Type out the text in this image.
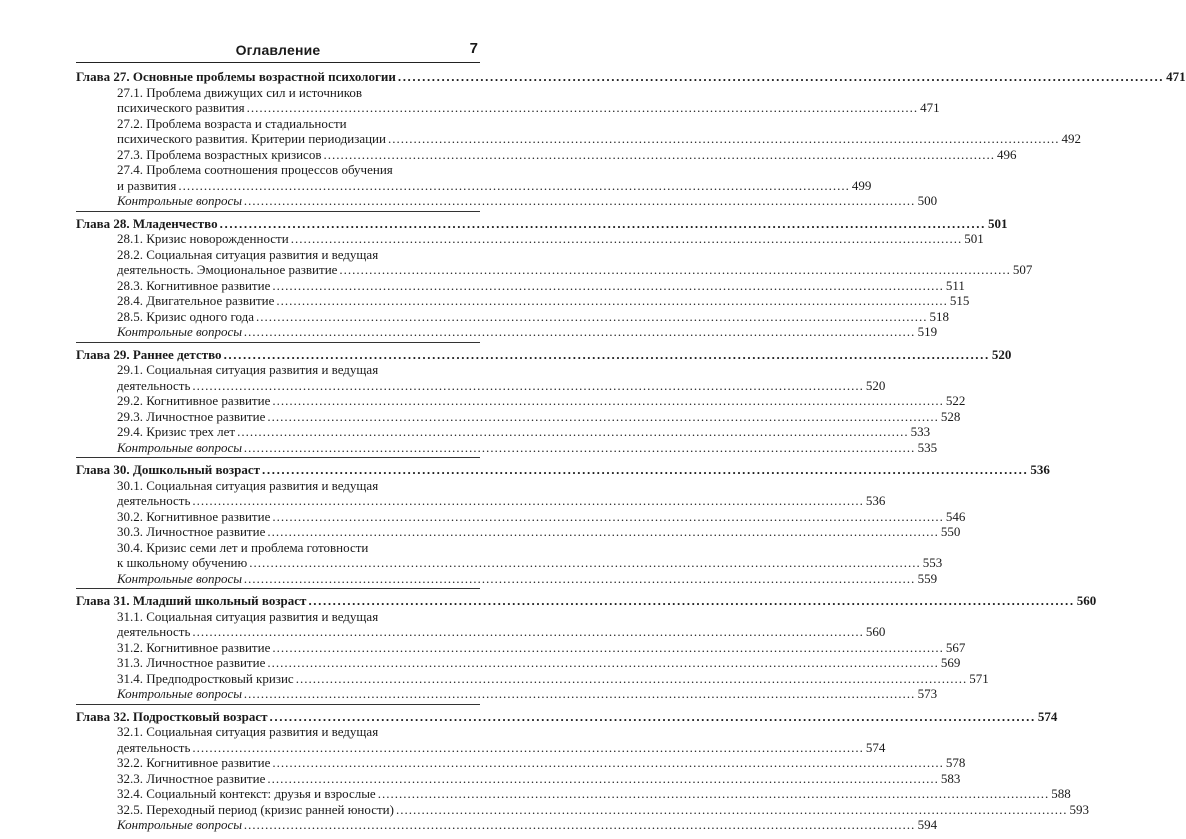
Оглавление	7
Глава 27. Основные проблемы возрастной психологии .....	471
27.1. Проблема движущих сил и источников
психического развития .....	471
27.2. Проблема возраста и стадиальности
психического развития. Критерии периодизации .....	492
27.3. Проблема возрастных кризисов .....	496
27.4. Проблема соотношения процессов обучения
и развития .....	499
Контрольные вопросы .....	500
Глава 28. Младенчество .....	501
28.1. Кризис новорожденности .....	501
28.2. Социальная ситуация развития и ведущая
деятельность. Эмоциональное развитие .....	507
28.3. Когнитивное развитие .....	511
28.4. Двигательное развитие .....	515
28.5. Кризис одного года .....	518
Контрольные вопросы .....	519
Глава 29. Раннее детство .....	520
29.1. Социальная ситуация развития и ведущая
деятельность .....	520
29.2. Когнитивное развитие .....	522
29.3. Личностное развитие .....	528
29.4. Кризис трех лет .....	533
Контрольные вопросы .....	535
Глава 30. Дошкольный возраст .....	536
30.1. Социальная ситуация развития и ведущая
деятельность .....	536
30.2. Когнитивное развитие .....	546
30.3. Личностное развитие .....	550
30.4. Кризис семи лет и проблема готовности
к школьному обучению .....	553
Контрольные вопросы .....	559
Глава 31. Младший школьный возраст .....	560
31.1. Социальная ситуация развития и ведущая
деятельность .....	560
31.2. Когнитивное развитие .....	567
31.3. Личностное развитие .....	569
31.4. Предподростковый кризис .....	571
Контрольные вопросы .....	573
Глава 32. Подростковый возраст .....	574
32.1. Социальная ситуация развития и ведущая
деятельность .....	574
32.2. Когнитивное развитие .....	578
32.3. Личностное развитие .....	583
32.4. Социальный контекст: друзья и взрослые .....	588
32.5. Переходный период (кризис ранней юности) .....	593
Контрольные вопросы .....	594
